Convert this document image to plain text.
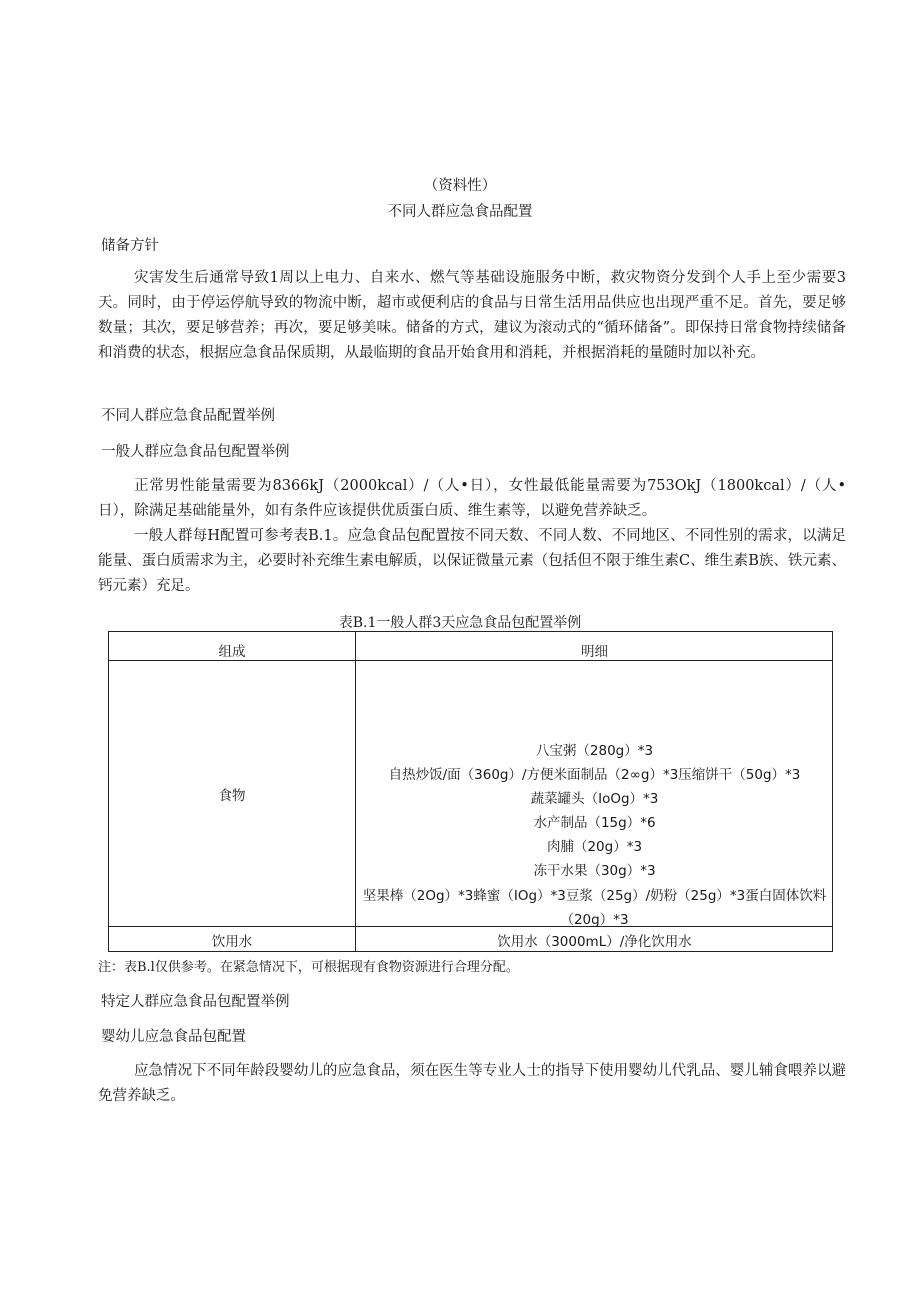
（资料性）
不同人群应急食品配置
储备方针
灾害发生后通常导致1周以上电力、自来水、燃气等基础设施服务中断，救灾物资分发到个人手上至少需要3天。同时，由于停运停航导致的物流中断，超市或便利店的食品与日常生活用品供应也出现严重不足。首先，要足够数量；其次，要足够营养；再次，要足够美味。储备的方式，建议为滚动式的“循环储备”。即保持日常食物持续储备和消费的状态，根据应急食品保质期，从最临期的食品开始食用和消耗，并根据消耗的量随时加以补充。
不同人群应急食品配置举例
一般人群应急食品包配置举例
正常男性能量需要为8366kJ（2000kcal）/（人•日），女性最低能量需要为753OkJ（1800kcal）/（人•日），除满足基础能量外，如有条件应该提供优质蛋白质、维生素等，以避免营养缺乏。
一般人群每H配置可参考表B.1。应急食品包配置按不同天数、不同人数、不同地区、不同性别的需求，以满足能量、蛋白质需求为主，必要时补充维生素电解质，以保证微量元素（包括但不限于维生素C、维生素B族、铁元素、钙元素）充足。
表B.1一般人群3天应急食品包配置举例
组成	明细
食物
八宝粥（280g）*3
自热炒饭/面（360g）/方便米面制品（2∞g）*3压缩饼干（50g）*3
蔬菜罐头（IoOg）*3
水产制品（15g）*6
肉脯（20g）*3
冻干水果（30g）*3
坚果棒（2Og）*3蜂蜜（IOg）*3豆浆（25g）/奶粉（25g）*3蛋白固体饮料
（20g）*3
饮用水	饮用水（3000mL）/净化饮用水
注：表B.l仅供参考。在紧急情况下，可根据现有食物资源进行合理分配。
特定人群应急食品包配置举例
婴幼儿应急食品包配置
应急情况下不同年龄段婴幼儿的应急食品，须在医生等专业人士的指导下使用婴幼儿代乳品、婴儿辅食喂养以避免营养缺乏。
